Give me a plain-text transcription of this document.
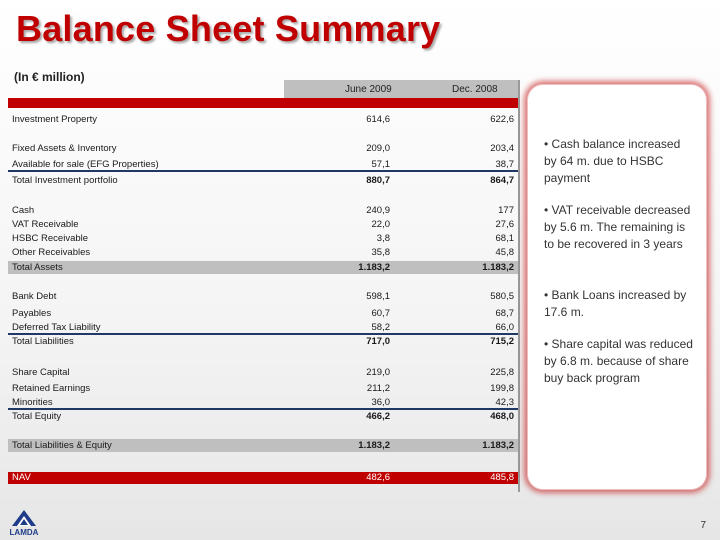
Balance Sheet Summary
(In € million)
June 2009	Dec. 2008
Investment Property	614,6	622,6
Fixed Assets & Inventory	209,0	203,4
Available for sale (EFG Properties)	57,1	38,7
Total Investment portfolio	880,7	864,7
Cash	240,9	177
VAT Receivable	22,0	27,6
HSBC Receivable	3,8	68,1
Other Receivables	35,8	45,8
Total Assets	1.183,2	1.183,2
Bank Debt	598,1	580,5
Payables	60,7	68,7
Deferred Tax Liability	58,2	66,0
Total Liabilities	717,0	715,2
Share Capital	219,0	225,8
Retained Earnings	211,2	199,8
Minorities	36,0	42,3
Total Equity	466,2	468,0
Total Liabilities & Equity	1.183,2	1.183,2
NAV	482,6	485,8
• Cash balance increased by 64 m. due to HSBC payment
• VAT receivable decreased by 5.6 m. The remaining is to be recovered in 3 years
• Bank Loans increased by 17.6 m.
• Share capital was reduced by 6.8 m. because of share buy back program
LAMDA
7
